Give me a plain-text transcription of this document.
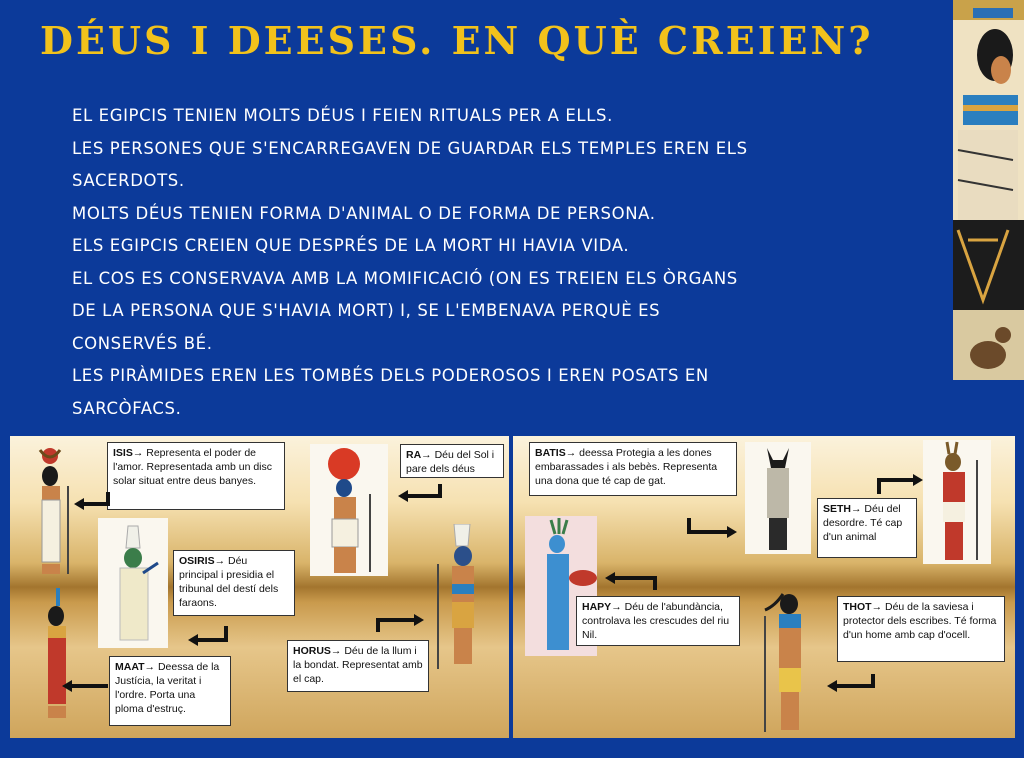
DÉUS I DEESES. EN QUÈ CREIEN?
EL EGIPCIS TENIEN MOLTS DÉUS I FEIEN RITUALS PER A ELLS.
LES PERSONES QUE S'ENCARREGAVEN DE GUARDAR ELS TEMPLES EREN ELS
SACERDOTS.
MOLTS DÉUS TENIEN FORMA D'ANIMAL O DE FORMA DE PERSONA.
ELS EGIPCIS CREIEN QUE DESPRÉS DE LA MORT HI HAVIA VIDA.
EL COS ES CONSERVAVA AMB LA MOMIFICACIÓ (ON ES TREIEN ELS ÒRGANS
DE LA PERSONA QUE S'HAVIA MORT) I, SE L'EMBENAVA PERQUÈ ES
CONSERVÉS BÉ.
LES PIRÀMIDES EREN LES TOMBÉS DELS PODEROSOS I EREN POSATS EN
SARCÒFACS.
ISIS→ Representa el poder de l'amor. Representada amb un disc solar situat entre deus banyes.
OSIRIS→ Déu principal i presidia el tribunal del destí dels faraons.
MAAT→ Deessa de la Justícia, la veritat i l'ordre. Porta una ploma d'estruç.
RA→ Déu del Sol i pare dels déus
HORUS→ Déu de la llum i la bondat. Representat amb el cap.
BATIS→ deessa Protegia a les dones embarassades i als bebès. Representa una dona que té cap de gat.
SETH→ Déu del desordre. Té cap d'un animal
HAPY→ Déu de l'abundància, controlava les crescudes del riu Nil.
THOT→ Déu de la saviesa i protector dels escribes. Té forma d'un home amb cap d'ocell.
